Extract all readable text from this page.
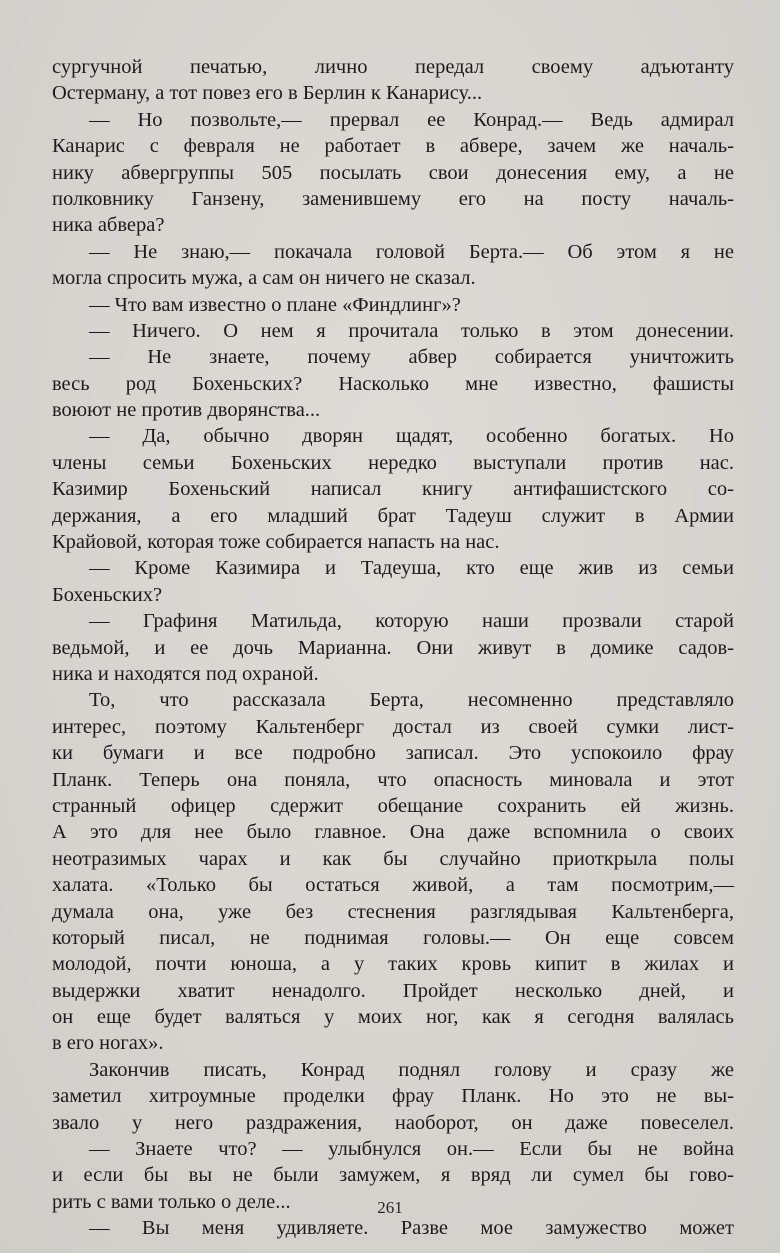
сургучной печатью, лично передал своему адъютанту
Остерману, а тот повез его в Берлин к Канарису...
— Но позвольте,— прервал ее Конрад.— Ведь адмирал
Канарис с февраля не работает в абвере, зачем же началь-
нику абвергруппы 505 посылать свои донесения ему, а не
полковнику Ганзену, заменившему его на посту началь-
ника абвера?
— Не знаю,— покачала головой Берта.— Об этом я не
могла спросить мужа, а сам он ничего не сказал.
— Что вам известно о плане «Финдлинг»?
— Ничего. О нем я прочитала только в этом донесении.
— Не знаете, почему абвер собирается уничтожить
весь род Бохеньских? Насколько мне известно, фашисты
воюют не против дворянства...
— Да, обычно дворян щадят, особенно богатых. Но
члены семьи Бохеньских нередко выступали против нас.
Казимир Бохеньский написал книгу антифашистского со-
держания, а его младший брат Тадеуш служит в Армии
Крайовой, которая тоже собирается напасть на нас.
— Кроме Казимира и Тадеуша, кто еще жив из семьи
Бохеньских?
— Графиня Матильда, которую наши прозвали старой
ведьмой, и ее дочь Марианна. Они живут в домике садов-
ника и находятся под охраной.
То, что рассказала Берта, несомненно представляло
интерес, поэтому Кальтенберг достал из своей сумки лист-
ки бумаги и все подробно записал. Это успокоило фрау
Планк. Теперь она поняла, что опасность миновала и этот
странный офицер сдержит обещание сохранить ей жизнь.
А это для нее было главное. Она даже вспомнила о своих
неотразимых чарах и как бы случайно приоткрыла полы
халата. «Только бы остаться живой, а там посмотрим,—
думала она, уже без стеснения разглядывая Кальтенберга,
который писал, не поднимая головы.— Он еще совсем
молодой, почти юноша, а у таких кровь кипит в жилах и
выдержки хватит ненадолго. Пройдет несколько дней, и
он еще будет валяться у моих ног, как я сегодня валялась
в его ногах».
Закончив писать, Конрад поднял голову и сразу же
заметил хитроумные проделки фрау Планк. Но это не вы-
звало у него раздражения, наоборот, он даже повеселел.
— Знаете что? — улыбнулся он.— Если бы не война
и если бы вы не были замужем, я вряд ли сумел бы гово-
рить с вами только о деле...
— Вы меня удивляете. Разве мое замужество может
261
